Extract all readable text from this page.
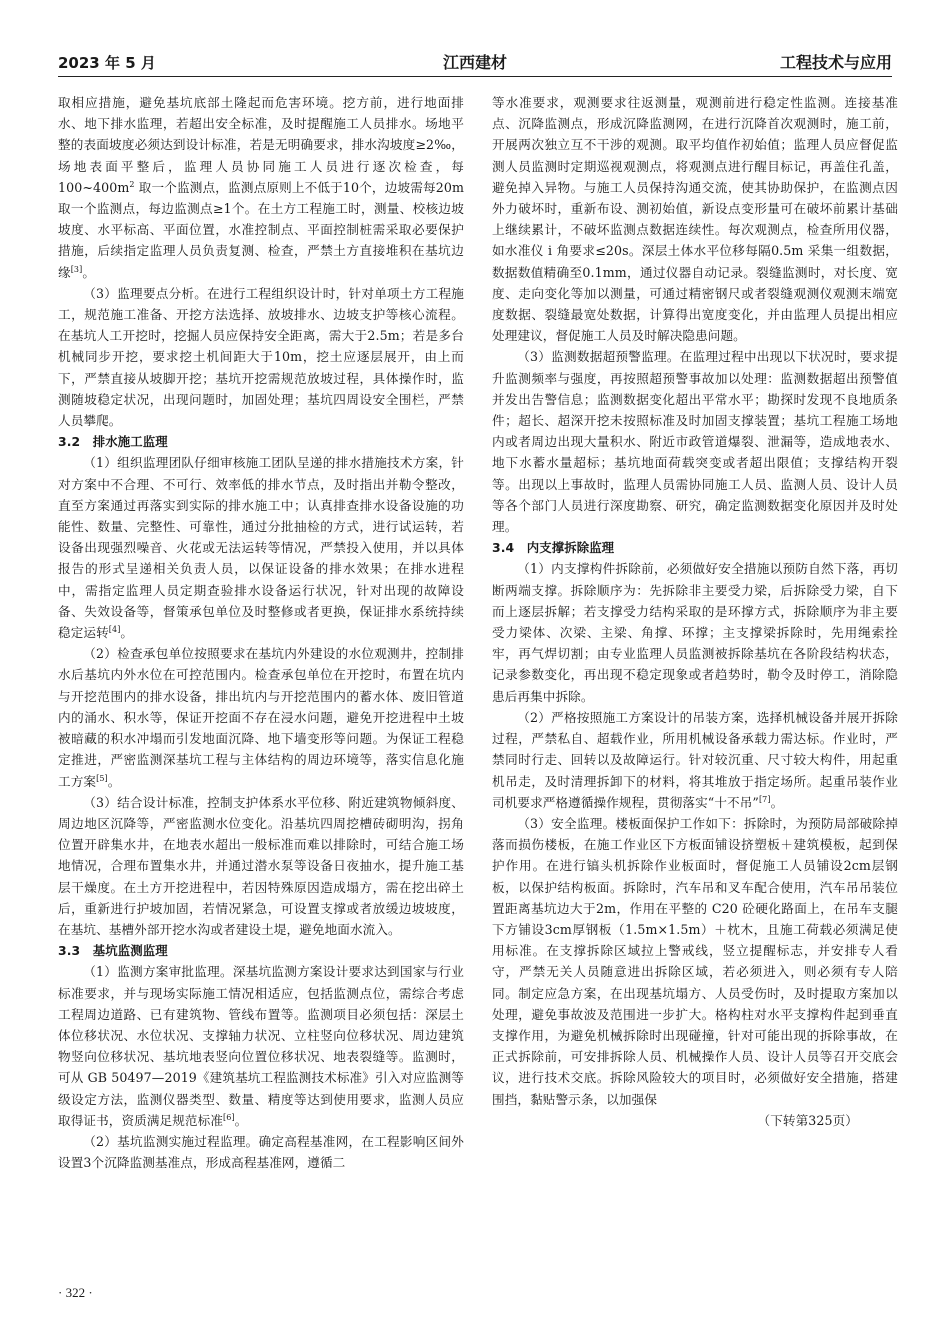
2023 年 5 月	江西建材	工程技术与应用

取相应措施，避免基坑底部土隆起而危害环境。挖方前，进行地面排水、地下排水监理，若超出安全标准，及时提醒施工人员排水。场地平整的表面坡度必须达到设计标准，若是无明确要求，排水沟坡度≥2‰，场地表面平整后，监理人员协同施工人员进行逐次检查，每$100\sim 400m^2$ 取一个监测点，监测点原则上不低于10个，边坡需每20m取一个监测点，每边监测点≥1个。在土方工程施工时，测量、校核边坡坡度、水平标高、平面位置，水准控制点、平面控制桩需采取必要保护措施，后续指定监理人员负责复测、检查，严禁土方直接堆积在基坑边缘[3]。

（3）监理要点分析。在进行工程组织设计时，针对单项土方工程施工，规范施工准备、开挖方法选择、放坡排水、边坡支护等核心流程。在基坑人工开挖时，挖掘人员应保持安全距离，需大于2.5m；若是多台机械同步开挖，要求挖土机间距大于10m，挖土应逐层展开，由上而下，严禁直接从坡脚开挖；基坑开挖需规范放坡过程，具体操作时，监测随坡稳定状况，出现问题时，加固处理；基坑四周设安全围栏，严禁人员攀爬。

3.2　排水施工监理

（1）组织监理团队仔细审核施工团队呈递的排水措施技术方案，针对方案中不合理、不可行、效率低的排水节点，及时指出并勒令整改，直至方案通过再落实到实际的排水施工中；认真排查排水设备设施的功能性、数量、完整性、可靠性，通过分批抽检的方式，进行试运转，若设备出现强烈噪音、火花或无法运转等情况，严禁投入使用，并以具体报告的形式呈递相关负责人员，以保证设备的排水效果；在排水进程中，需指定监理人员定期查验排水设备运行状况，针对出现的故障设备、失效设备等，督策承包单位及时整修或者更换，保证排水系统持续稳定运转[4]。

（2）检查承包单位按照要求在基坑内外建设的水位观测井，控制排水后基坑内外水位在可控范围内。检查承包单位在开挖时，布置在坑内与开挖范围内的排水设备，排出坑内与开挖范围内的蓄水体、废旧管道内的涌水、积水等，保证开挖面不存在浸水问题，避免开挖进程中土坡被暗藏的积水冲塌而引发地面沉降、地下墙变形等问题。为保证工程稳定推进，严密监测深基坑工程与主体结构的周边环境等，落实信息化施工方案[5]。

（3）结合设计标准，控制支护体系水平位移、附近建筑物倾斜度、周边地区沉降等，严密监测水位变化。沿基坑四周挖槽砖砌明沟，拐角位置开辟集水井，在地表水超出一般标准而难以排除时，可结合施工场地情况，合理布置集水井，并通过潜水泵等设备日夜抽水，提升施工基层干燥度。在土方开挖进程中，若因特殊原因造成塌方，需在挖出碎土后，重新进行护坡加固，若情况紧急，可设置支撑或者放缓边坡坡度，在基坑、基槽外部开挖水沟或者建设土堤，避免地面水流入。

3.3　基坑监测监理

（1）监测方案审批监理。深基坑监测方案设计要求达到国家与行业标准要求，并与现场实际施工情况相适应，包括监测点位，需综合考虑工程周边道路、已有建筑物、管线布置等。监测项目必须包括：深层土体位移状况、水位状况、支撑轴力状况、立柱竖向位移状况、周边建筑物竖向位移状况、基坑地表竖向位置位移状况、地表裂缝等。监测时，可从 GB 50497—2019《建筑基坑工程监测技术标准》引入对应监测等级设定方法，监测仪器类型、数量、精度等达到使用要求，监测人员应取得证书，资质满足规范标准[6]。

（2）基坑监测实施过程监理。确定高程基准网，在工程影响区间外设置3个沉降监测基准点，形成高程基准网，遵循二

等水准要求，观测要求往返测量，观测前进行稳定性监测。连接基准点、沉降监测点，形成沉降监测网，在进行沉降首次观测时，施工前，开展两次独立互不干涉的观测。取平均值作初始值；监理人员应督促监测人员监测时定期巡视观测点，将观测点进行醒目标记，再盖住孔盖，避免掉入异物。与施工人员保持沟通交流，使其协助保护，在监测点因外力破坏时，重新布设、测初始值，新设点变形量可在破坏前累计基础上继续累计，不破坏监测点数据连续性。每次观测点，检查所用仪器，如水准仪 i 角要求≤20s。深层土体水平位移每隔0.5m 采集一组数据，数据数值精确至0.1mm，通过仪器自动记录。裂缝监测时，对长度、宽度、走向变化等加以测量，可通过精密钢尺或者裂缝观测仪观测末端宽度数据、裂缝最宽处数据，计算得出宽度变化，并由监理人员提出相应处理建议，督促施工人员及时解决隐患问题。

（3）监测数据超预警监理。在监理过程中出现以下状况时，要求提升监测频率与强度，再按照超预警事故加以处理：监测数据超出预警值并发出告警信息；监测数据变化超出平常水平；勘探时发现不良地质条件；超长、超深开挖未按照标准及时加固支撑装置；基坑工程施工场地内或者周边出现大量积水、附近市政管道爆裂、泄漏等，造成地表水、地下水蓄水量超标；基坑地面荷载突变或者超出限值；支撑结构开裂等。出现以上事故时，监理人员需协同施工人员、监测人员、设计人员等各个部门人员进行深度勘察、研究，确定监测数据变化原因并及时处理。

3.4　内支撑拆除监理

（1）内支撑构件拆除前，必须做好安全措施以预防自然下落，再切断两端支撑。拆除顺序为：先拆除非主要受力梁，后拆除受力梁，自下而上逐层拆解；若支撑受力结构采取的是环撑方式，拆除顺序为非主要受力梁体、次梁、主梁、角撑、环撑；主支撑梁拆除时，先用绳索拴牢，再气焊切割；由专业监理人员监测被拆除基坑在各阶段结构状态，记录参数变化，再出现不稳定现象或者趋势时，勒令及时停工，消除隐患后再集中拆除。

（2）严格按照施工方案设计的吊装方案，选择机械设备并展开拆除过程，严禁私自、超载作业，所用机械设备承载力需达标。作业时，严禁同时行走、回转以及故障运行。针对较沉重、尺寸较大构件，用起重机吊走，及时清理拆卸下的材料，将其堆放于指定场所。起重吊装作业司机要求严格遵循操作规程，贯彻落实“十不吊”[7]。

（3）安全监理。楼板面保护工作如下：拆除时，为预防局部破除掉落而损伤楼板，在施工作业区下方板面铺设挤塑板＋建筑模板，起到保护作用。在进行镐头机拆除作业板面时，督促施工人员铺设2cm层钢板，以保护结构板面。拆除时，汽车吊和叉车配合使用，汽车吊吊装位置距离基坑边大于2m，作用在平整的 C20 砼硬化路面上，在吊车支腿下方铺设3cm厚钢板（1.5m×1.5m）＋枕木，且施工荷载必须满足使用标准。在支撑拆除区域拉上警戒线，竖立提醒标志，并安排专人看守，严禁无关人员随意进出拆除区域，若必须进入，则必须有专人陪同。制定应急方案，在出现基坑塌方、人员受伤时，及时提取方案加以处理，避免事故波及范围进一步扩大。格构柱对水平支撑构件起到垂直支撑作用，为避免机械拆除时出现碰撞，针对可能出现的拆除事故，在正式拆除前，可安排拆除人员、机械操作人员、设计人员等召开交底会议，进行技术交底。拆除风险较大的项目时，必须做好安全措施，搭建围挡，黏贴警示条，以加强保

（下转第325页）

· 322 ·
